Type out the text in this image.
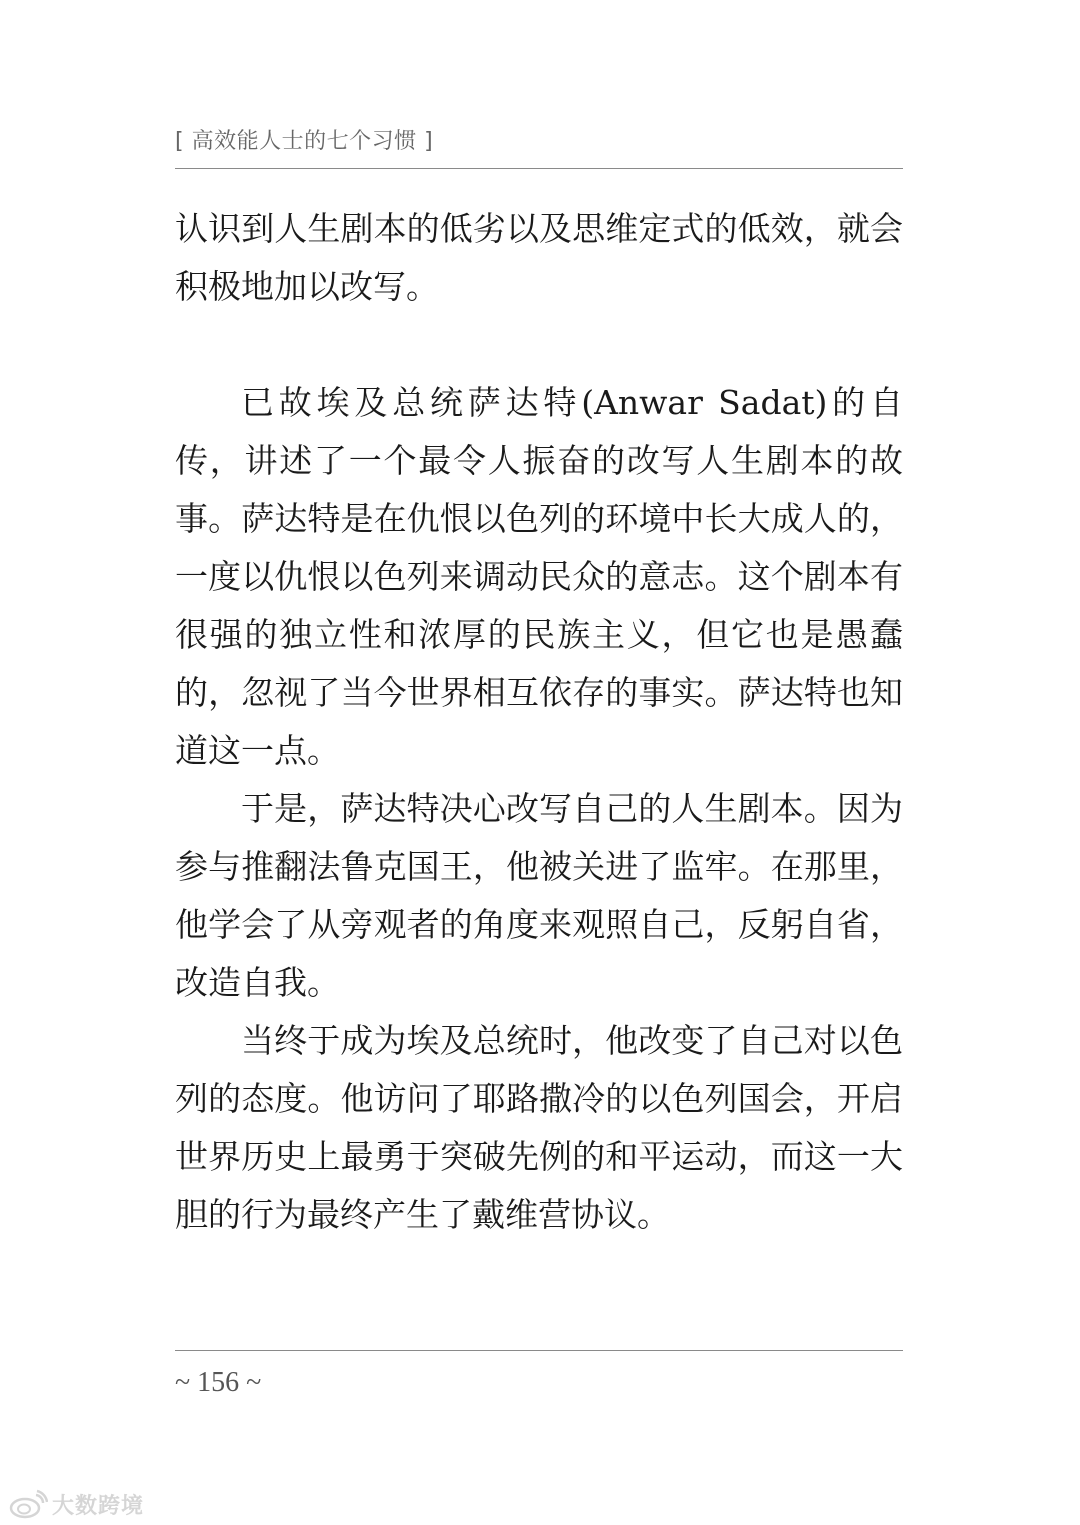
[ 高效能人士的七个习惯 ]

认识到人生剧本的低劣以及思维定式的低效，就会积极地加以改写。

已故埃及总统萨达特(Anwar Sadat)的自传，讲述了一个最令人振奋的改写人生剧本的故事。萨达特是在仇恨以色列的环境中长大成人的，一度以仇恨以色列来调动民众的意志。这个剧本有很强的独立性和浓厚的民族主义，但它也是愚蠢的，忽视了当今世界相互依存的事实。萨达特也知道这一点。

于是，萨达特决心改写自己的人生剧本。因为参与推翻法鲁克国王，他被关进了监牢。在那里，他学会了从旁观者的角度来观照自己，反躬自省，改造自我。

当终于成为埃及总统时，他改变了自己对以色列的态度。他访问了耶路撒冷的以色列国会，开启世界历史上最勇于突破先例的和平运动，而这一大胆的行为最终产生了戴维营协议。

~ 156 ~
大数跨境
